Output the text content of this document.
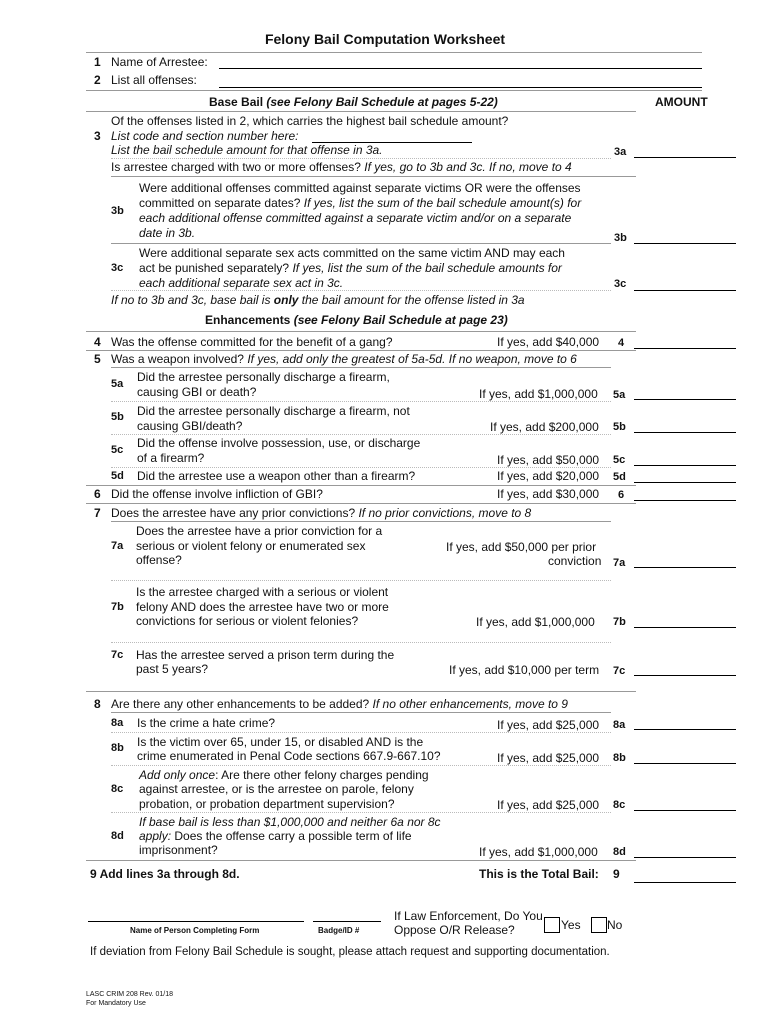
Felony Bail Computation Worksheet
1 Name of Arrestee:
2 List all offenses:
Base Bail (see Felony Bail Schedule at pages 5-22)	AMOUNT
Of the offenses listed in 2, which carries the highest bail schedule amount?
3 List code and section number here:
List the bail schedule amount for that offense in 3a.	3a
Is arrestee charged with two or more offenses? If yes, go to 3b and 3c. If no, move to 4
Were additional offenses committed against separate victims OR were the offenses
committed on separate dates? If yes, list the sum of the bail schedule amount(s) for
3b each additional offense committed against a separate victim and/or on a separate
date in 3b.	3b
Were additional separate sex acts committed on the same victim AND may each
3c act be punished separately? If yes, list the sum of the bail schedule amounts for
each additional separate sex act in 3c.	3c
If no to 3b and 3c, base bail is only the bail amount for the offense listed in 3a
Enhancements (see Felony Bail Schedule at page 23)
4 Was the offense committed for the benefit of a gang?	If yes, add $40,000 4
5 Was a weapon involved? If yes, add only the greatest of 5a-5d. If no weapon, move to 6
Did the arrestee personally discharge a firearm,
5a
causing GBI or death?	If yes, add $1,000,000 5a
Did the arrestee personally discharge a firearm, not
5b
causing GBI/death?	If yes, add $200,000 5b
Did the offense involve possession, use, or discharge
5c
of a firearm?	If yes, add $50,000 5c
5d Did the arrestee use a weapon other than a firearm?	If yes, add $20,000 5d
6 Did the offense involve infliction of GBI?	If yes, add $30,000 6
7 Does the arrestee have any prior convictions? If no prior convictions, move to 8
Does the arrestee have a prior conviction for a
7a serious or violent felony or enumerated sex	If yes, add $50,000 per prior
offense?	conviction 7a
Is the arrestee charged with a serious or violent
7b felony AND does the arrestee have two or more
convictions for serious or violent felonies?	If yes, add $1,000,000 7b
7c Has the arrestee served a prison term during the
past 5 years?	If yes, add $10,000 per term 7c
8 Are there any other enhancements to be added? If no other enhancements, move to 9
8a Is the crime a hate crime?	If yes, add $25,000 8a
Is the victim over 65, under 15, or disabled AND is the
8b
crime enumerated in Penal Code sections 667.9-667.10?	If yes, add $25,000 8b
Add only once: Are there other felony charges pending
8c against arrestee, or is the arrestee on parole, felony
probation, or probation department supervision?	If yes, add $25,000 8c
If base bail is less than $1,000,000 and neither 6a nor 8c
8d apply: Does the offense carry a possible term of life
imprisonment?	If yes, add $1,000,000 8d
9 Add lines 3a through 8d.	This is the Total Bail: 9
Name of Person Completing Form	Badge/ID #
If Law Enforcement, Do You
Oppose O/R Release?	Yes No
If deviation from Felony Bail Schedule is sought, please attach request and supporting documentation.
LASC CRIM 208 Rev. 01/18
For Mandatory Use
